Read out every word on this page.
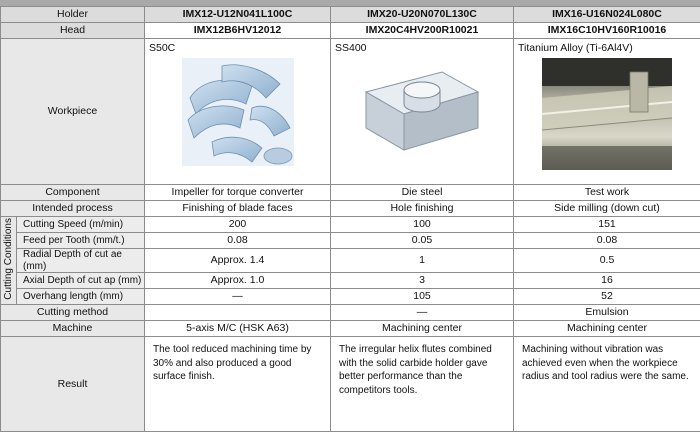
Holder		IMX12-U12N041L100C	IMX20-U20N070L130C	IMX16-U16N024L080C
Head		IMX12B6HV12012	IMX20C4HV200R10021	IMX16C10HV160R10016
Workpiece		S50C	SS400	Titanium Alloy (Ti-6Al4V)

Component		Impeller for torque converter	Die steel	Test work
Intended process		Finishing of blade faces	Hole finishing	Side milling (down cut)
Cutting Conditions	Cutting Speed (m/min)	200	100	151
	Feed per Tooth (mm/t.)	0.08	0.05	0.08
	Radial Depth of cut ae (mm)	Approx. 1.4	1	0.5
	Axial Depth of cut ap (mm)	Approx. 1.0	3	16
	Overhang length (mm)	—	105	52
Cutting method			—	Emulsion
Machine		5-axis M/C (HSK A63)	Machining center	Machining center
Result		The tool reduced machining time by 30% and also produced a good surface finish.	The irregular helix flutes combined with the solid carbide holder gave better performance than the competitors tools.	Machining without vibration was achieved even when the workpiece radius and tool radius were the same.
